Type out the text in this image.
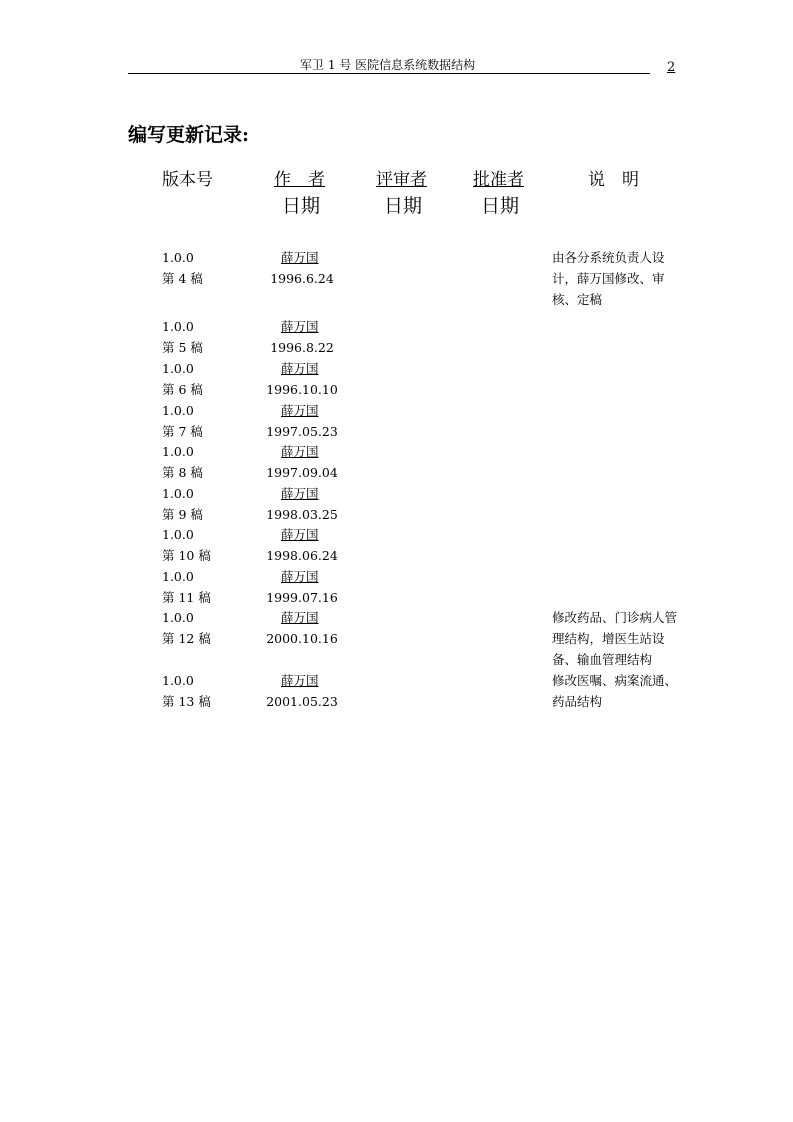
军卫 1 号 医院信息系统数据结构	2
编写更新记录:
版本号	作　者
日期
评审者
日期
批准者
日期
说　明
1.0.0
第 4 稿
薛万国
1996.6.24
由各分系统负责人设计，薛万国修改、审核、定稿
1.0.0
第 5 稿
薛万国
1996.8.22
1.0.0
第 6 稿
薛万国
1996.10.10
1.0.0
第 7 稿
薛万国
1997.05.23
1.0.0
第 8 稿
薛万国
1997.09.04
1.0.0
第 9 稿
薛万国
1998.03.25
1.0.0
第 10 稿
薛万国
1998.06.24
1.0.0
第 11 稿
薛万国
1999.07.16
1.0.0
第 12 稿
薛万国
2000.10.16
修改药品、门诊病人管理结构，增医生站设备、输血管理结构
1.0.0
第 13 稿
薛万国
2001.05.23
修改医嘱、病案流通、药品结构
